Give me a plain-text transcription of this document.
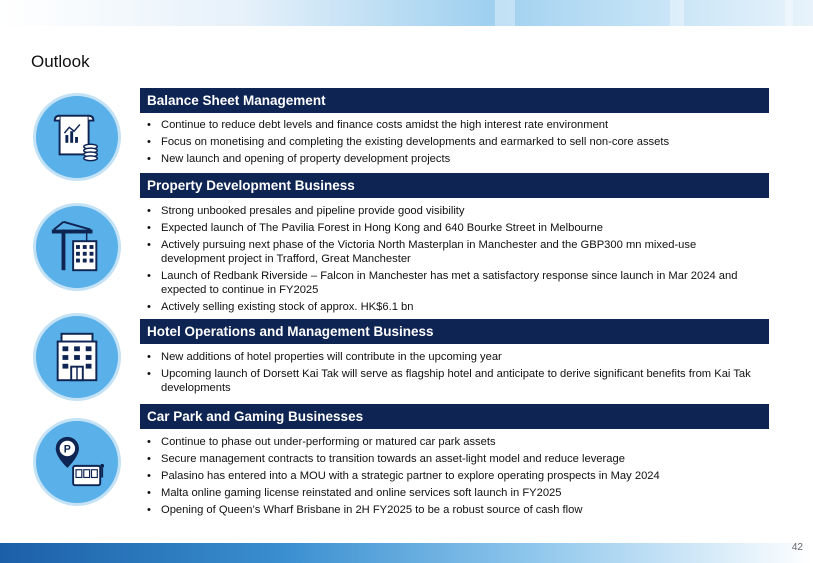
Outlook
P
Balance Sheet Management
• Continue to reduce debt levels and finance costs amidst the high interest rate environment
• Focus on monetising and completing the existing developments and earmarked to sell non-core assets
• New launch and opening of property development projects
Property Development Business
• Strong unbooked presales and pipeline provide good visibility
• Expected launch of The Pavilia Forest in Hong Kong and 640 Bourke Street in Melbourne
• Actively pursuing next phase of the Victoria North Masterplan in Manchester and the GBP300 mn mixed-use development project in Trafford, Great Manchester
• Launch of Redbank Riverside – Falcon in Manchester has met a satisfactory response since launch in Mar 2024 and expected to continue in FY2025
• Actively selling existing stock of approx. HK$6.1 bn
Hotel Operations and Management Business
• New additions of hotel properties will contribute in the upcoming year
• Upcoming launch of Dorsett Kai Tak will serve as flagship hotel and anticipate to derive significant benefits from Kai Tak developments
Car Park and Gaming Businesses
• Continue to phase out under-performing or matured car park assets
• Secure management contracts to transition towards an asset-light model and reduce leverage
• Palasino has entered into a MOU with a strategic partner to explore operating prospects in May 2024
• Malta online gaming license reinstated and online services soft launch in FY2025
• Opening of Queen’s Wharf Brisbane in 2H FY2025 to be a robust source of cash flow
42
